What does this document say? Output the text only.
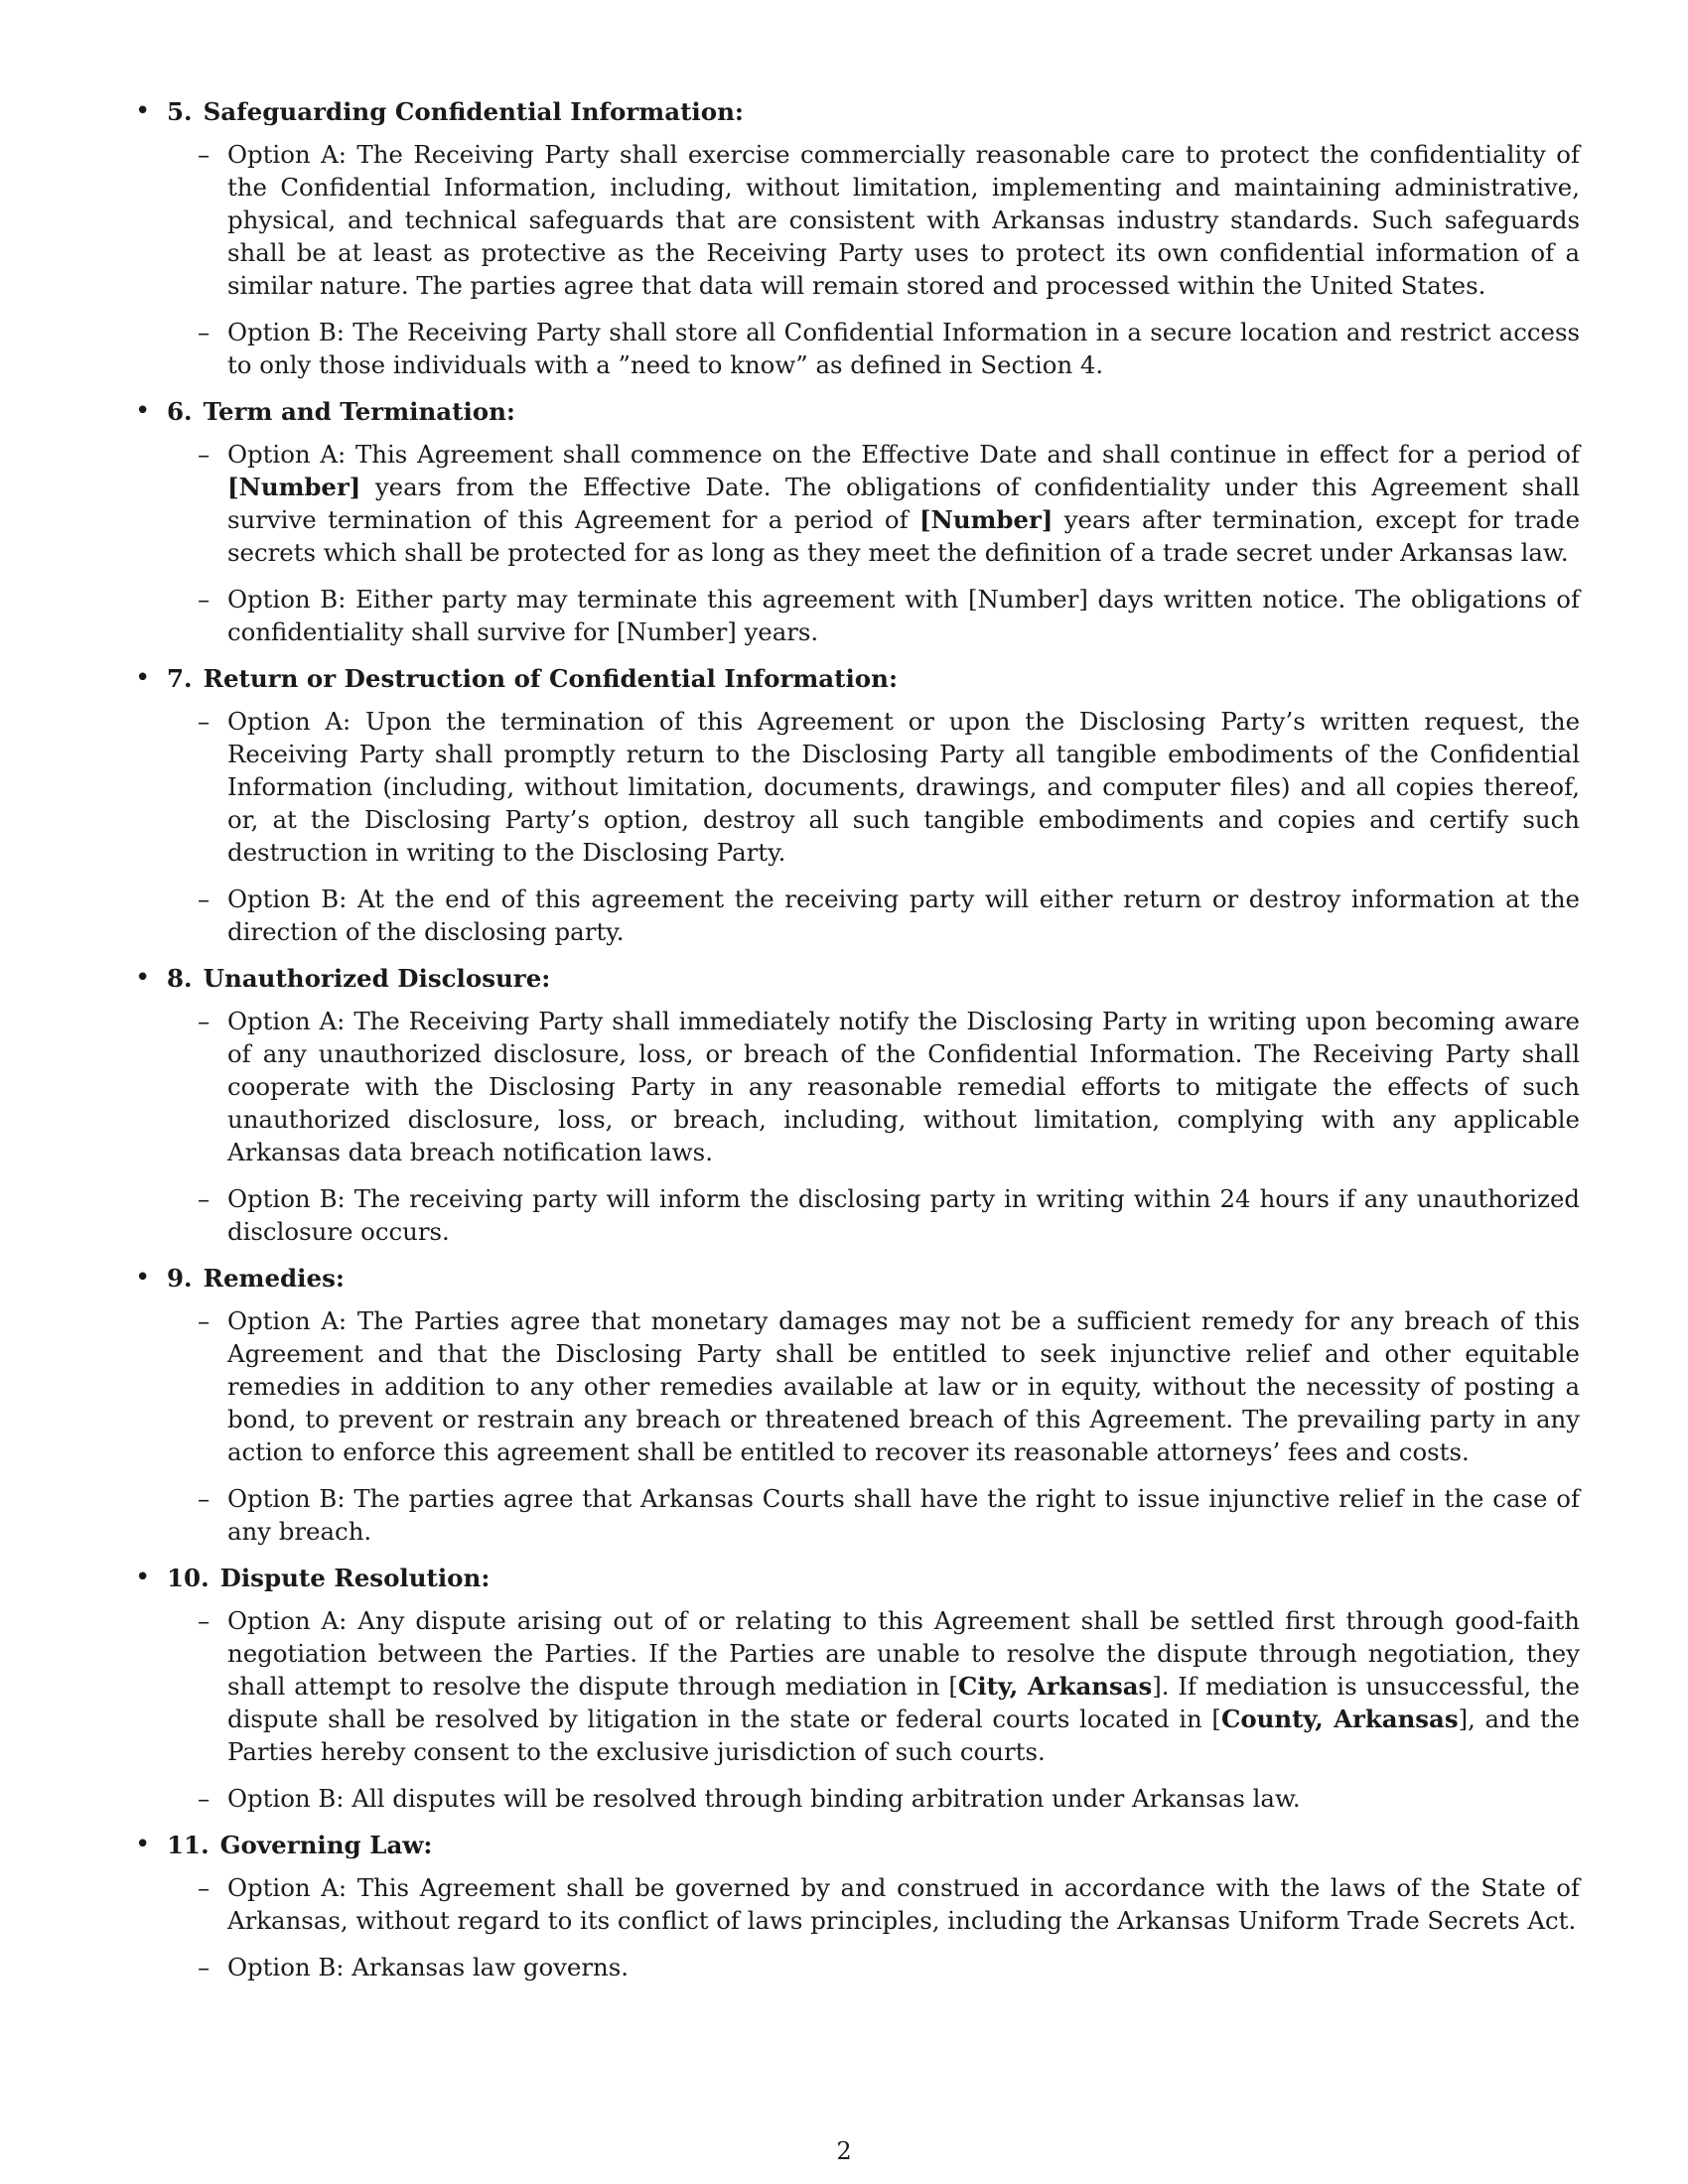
• 5. Safeguarding Confidential Information:
– Option A: The Receiving Party shall exercise commercially reasonable care to protect the confidentiality of the Confidential Information, including, without limitation, implementing and maintaining administrative, physical, and technical safeguards that are consistent with Arkansas industry standards. Such safeguards shall be at least as protective as the Receiving Party uses to protect its own confidential information of a similar nature. The parties agree that data will remain stored and processed within the United States.
– Option B: The Receiving Party shall store all Confidential Information in a secure location and restrict access to only those individuals with a ”need to know” as defined in Section 4.
• 6. Term and Termination:
– Option A: This Agreement shall commence on the Effective Date and shall continue in effect for a period of [Number] years from the Effective Date. The obligations of confidentiality under this Agreement shall survive termination of this Agreement for a period of [Number] years after termination, except for trade secrets which shall be protected for as long as they meet the definition of a trade secret under Arkansas law.
– Option B: Either party may terminate this agreement with [Number] days written notice. The obligations of confidentiality shall survive for [Number] years.
• 7. Return or Destruction of Confidential Information:
– Option A: Upon the termination of this Agreement or upon the Disclosing Party’s written request, the Receiving Party shall promptly return to the Disclosing Party all tangible embodiments of the Confidential Information (including, without limitation, documents, drawings, and computer files) and all copies thereof, or, at the Disclosing Party’s option, destroy all such tangible embodiments and copies and certify such destruction in writing to the Disclosing Party.
– Option B: At the end of this agreement the receiving party will either return or destroy information at the direction of the disclosing party.
• 8. Unauthorized Disclosure:
– Option A: The Receiving Party shall immediately notify the Disclosing Party in writing upon becoming aware of any unauthorized disclosure, loss, or breach of the Confidential Information. The Receiving Party shall cooperate with the Disclosing Party in any reasonable remedial efforts to mitigate the effects of such unauthorized disclosure, loss, or breach, including, without limitation, complying with any applicable Arkansas data breach notification laws.
– Option B: The receiving party will inform the disclosing party in writing within 24 hours if any unauthorized disclosure occurs.
• 9. Remedies:
– Option A: The Parties agree that monetary damages may not be a sufficient remedy for any breach of this Agreement and that the Disclosing Party shall be entitled to seek injunctive relief and other equitable remedies in addition to any other remedies available at law or in equity, without the necessity of posting a bond, to prevent or restrain any breach or threatened breach of this Agreement. The prevailing party in any action to enforce this agreement shall be entitled to recover its reasonable attorneys’ fees and costs.
– Option B: The parties agree that Arkansas Courts shall have the right to issue injunctive relief in the case of any breach.
• 10. Dispute Resolution:
– Option A: Any dispute arising out of or relating to this Agreement shall be settled first through good-faith negotiation between the Parties. If the Parties are unable to resolve the dispute through negotiation, they shall attempt to resolve the dispute through mediation in [City, Arkansas]. If mediation is unsuccessful, the dispute shall be resolved by litigation in the state or federal courts located in [County, Arkansas], and the Parties hereby consent to the exclusive jurisdiction of such courts.
– Option B: All disputes will be resolved through binding arbitration under Arkansas law.
• 11. Governing Law:
– Option A: This Agreement shall be governed by and construed in accordance with the laws of the State of Arkansas, without regard to its conflict of laws principles, including the Arkansas Uniform Trade Secrets Act.
– Option B: Arkansas law governs.
2
